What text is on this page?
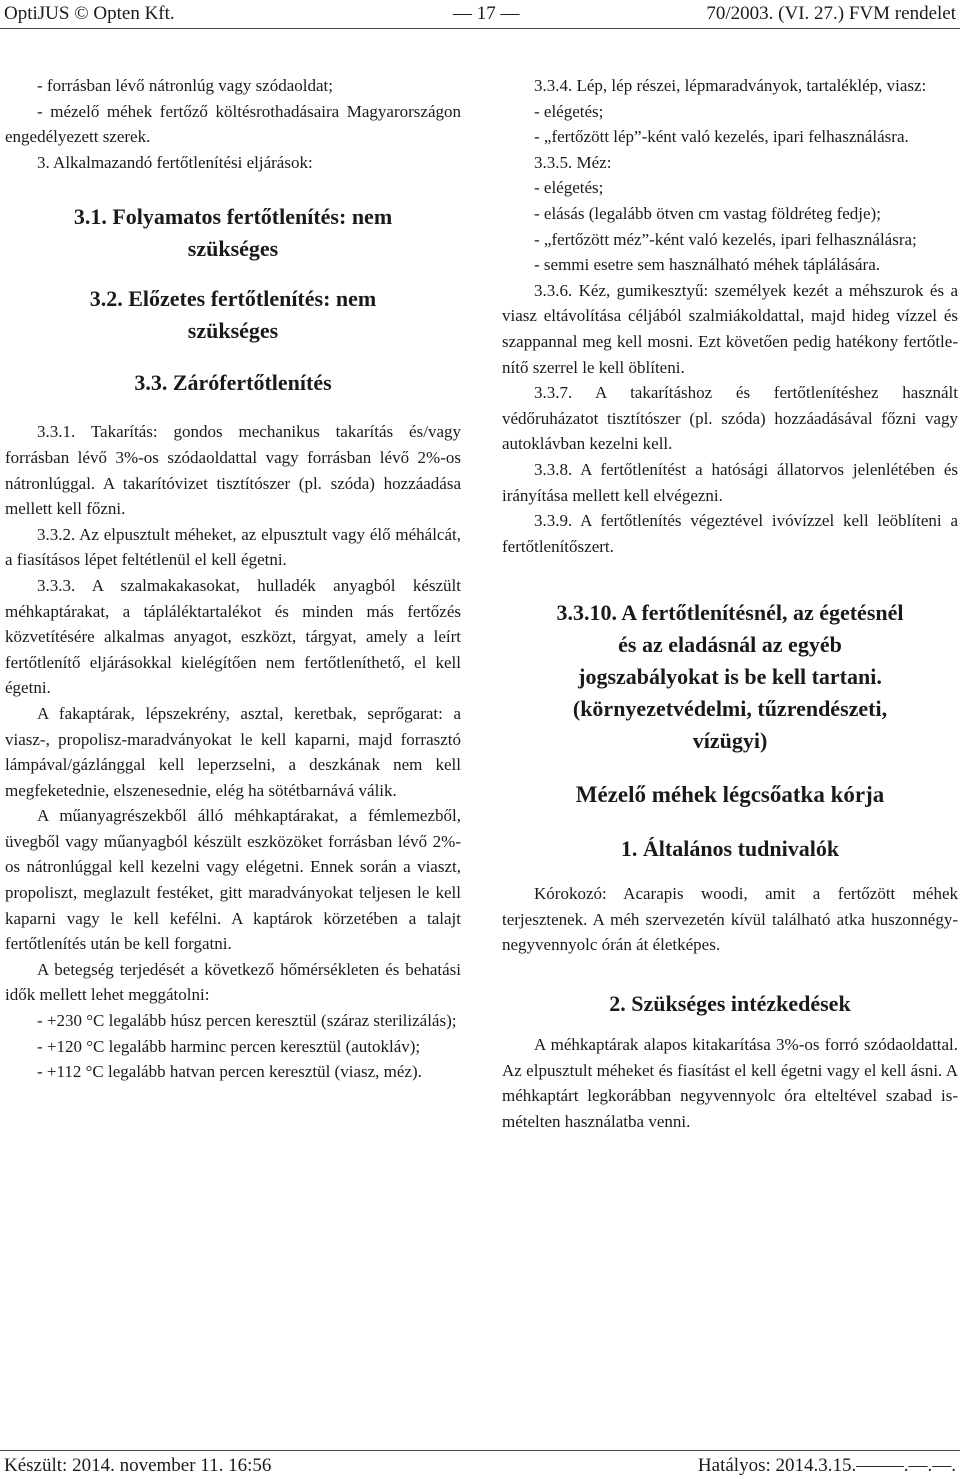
OptiJUS © Opten Kft.	— 17 —	70/2003. (VI. 27.) FVM rendelet

- forrásban lévő nátronlúg vagy szódaoldat;

- mézelő méhek fertőző költésrothadásaira Magyarországon engedélyezett szerek.

3. Alkalmazandó fertőtlenítési eljárások:

3.1. Folyamatos fertőtlenítés: nem
szükséges

3.2. Előzetes fertőtlenítés: nem
szükséges

3.3. Zárófertőtlenítés

3.3.1. Takarítás: gondos mechanikus takarítás és/vagy forrásban lévő 3%-os szódaoldattal vagy forrásban lévő 2%-os nátronlúggal. A takarítóvizet tisztítószer (pl. szóda) hozzáadása mellett kell főzni.

3.3.2. Az elpusztult méheket, az elpusztult vagy élő méhálcát, a fiasításos lépet feltétlenül el kell égetni.

3.3.3. A szalmakakasokat, hulladék anyagból készült méhkaptárakat, a tápláléktartalékot és minden más fertőzés közvetítésére alkalmas anyagot, eszközt, tárgyat, amely a leírt fertőtlenítő eljárásokkal kielégítően nem fertőtleníthető, el kell égetni.

A fakaptárak, lépszekrény, asztal, keretbak, seprőgarat: a viasz-, propolisz-maradványokat le kell kaparni, majd forrasztó lámpával/gázlánggal kell leperzselni, a deszkának nem kell megfeketednie, elszenesednie, elég ha sötétbarnává válik.

A műanyagrészekből álló méhkaptárakat, a fémlemezből, üvegből vagy műanyagból készült eszközöket forrásban lévő 2%-os nátronlúggal kell kezelni vagy elégetni. Ennek során a viaszt, propoliszt, meglazult festéket, gitt maradványokat teljesen le kell kaparni vagy le kell kefélni. A kaptárok körzetében a talajt fertőtlenítés után be kell forgatni.

A betegség terjedését a következő hőmérsékleten és behatási idők mellett lehet meggátolni:

- +230 °C legalább húsz percen keresztül (száraz sterilizálás);

- +120 °C legalább harminc percen keresztül (autokláv);

- +112 °C legalább hatvan percen keresztül (viasz, méz).

3.3.4. Lép, lép részei, lépmaradványok, tartaléklép, viasz:

- elégetés;

- „fertőzött lép”-ként való kezelés, ipari felhasználásra.

3.3.5. Méz:

- elégetés;

- elásás (legalább ötven cm vastag földréteg fedje);

- „fertőzött méz”-ként való kezelés, ipari felhasználásra;

- semmi esetre sem használható méhek táplálására.

3.3.6. Kéz, gumikesztyű: személyek kezét a méhszurok és a viasz eltávolítása céljából szalmiákoldattal, majd hideg vízzel és szappannal meg kell mosni. Ezt követően pedig hatékony fertőtlenítő szerrel le kell öblíteni.

3.3.7. A takarításhoz és fertőtlenítéshez használt védőruházatot tisztítószer (pl. szóda) hozzáadásával főzni vagy autoklávban kezelni kell.

3.3.8. A fertőtlenítést a hatósági állatorvos jelenlétében és irányítása mellett kell elvégezni.

3.3.9. A fertőtlenítés végeztével ivóvízzel kell leöblíteni a fertőtlenítőszert.

3.3.10. A fertőtlenítésnél, az égetésnél
és az eladásnál az egyéb
jogszabályokat is be kell tartani.
(környezetvédelmi, tűzrendészeti,
vízügyi)

Mézelő méhek légcsőatka kórja

1. Általános tudnivalók

Kórokozó: Acarapis woodi, amit a fertőzött méhek terjesztenek. A méh szervezetén kívül található atka huszonnégy-negyvennyolc órán át életképes.

2. Szükséges intézkedések

A méhkaptárak alapos kitakarítása 3%-os forró szódaoldattal. Az elpusztult méheket és fiasítást el kell égetni vagy el kell ásni. A méhkaptárt legkorábban negyvennyolc óra elteltével szabad ismételten használatba venni.

Készült: 2014. november 11. 16:56	Hatályos: 2014.3.15.–––––.––.––.
